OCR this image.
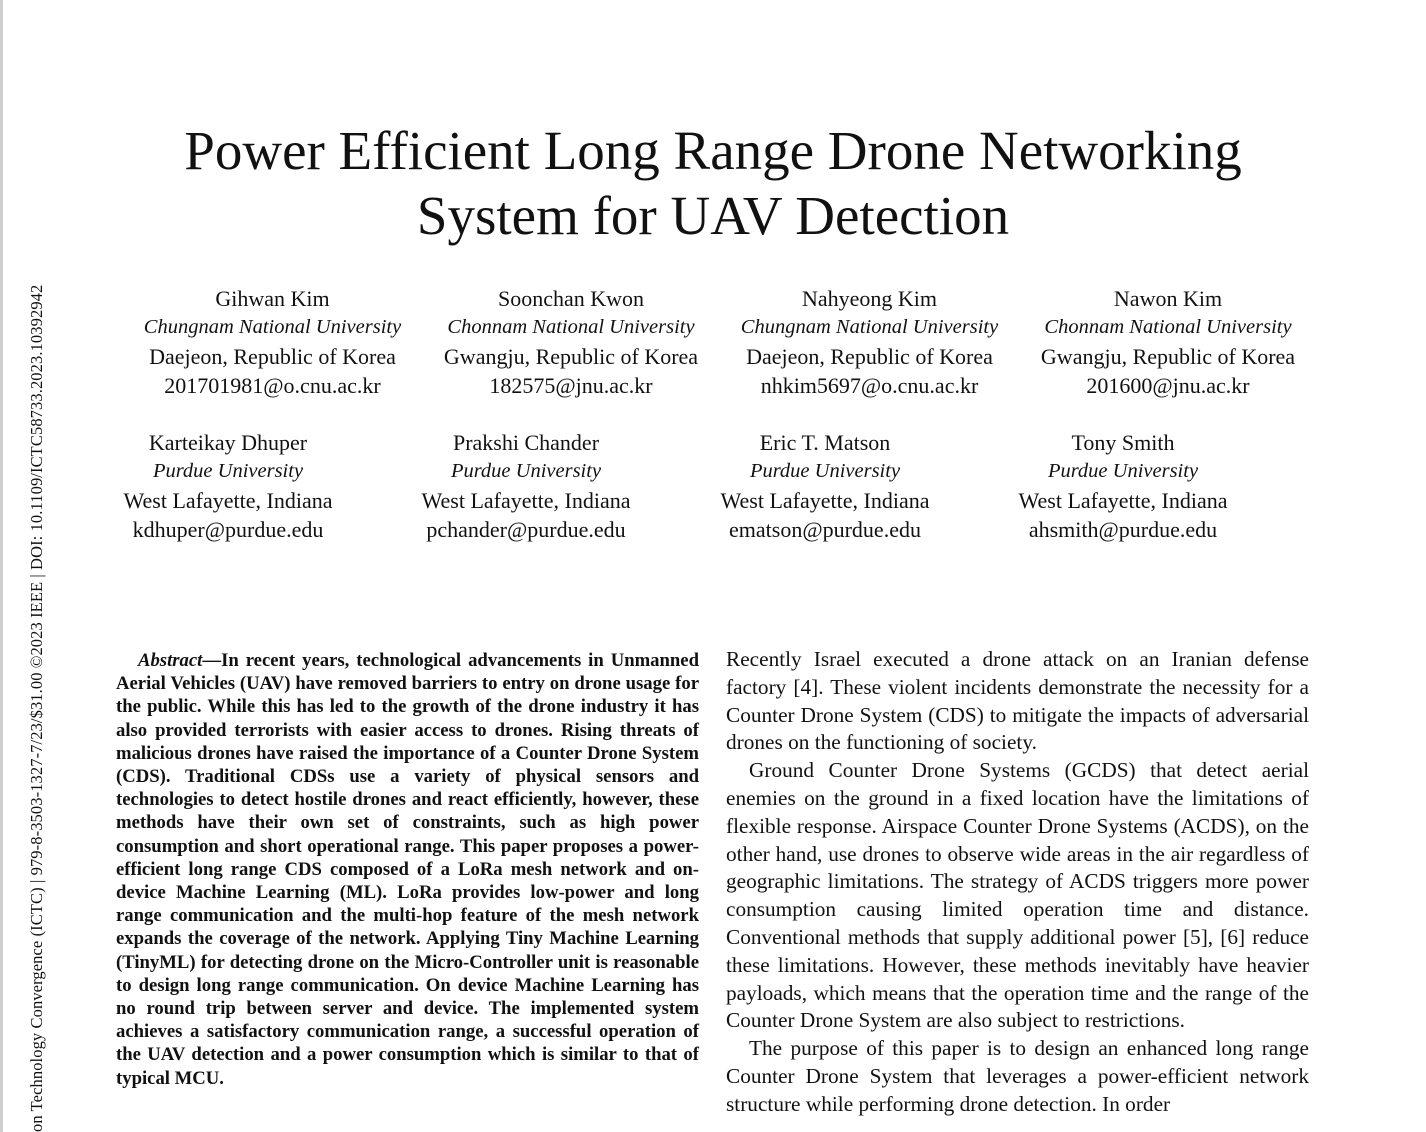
on Technology Convergence (ICTC) | 979-8-3503-1327-7/23/$31.00 ©2023 IEEE | DOI: 10.1109/ICTC58733.2023.10392942
Power Efficient Long Range Drone Networking
System for UAV Detection
Gihwan Kim
Chungnam National University
Daejeon, Republic of Korea
201701981@o.cnu.ac.kr
Soonchan Kwon
Chonnam National University
Gwangju, Republic of Korea
182575@jnu.ac.kr
Nahyeong Kim
Chungnam National University
Daejeon, Republic of Korea
nhkim5697@o.cnu.ac.kr
Nawon Kim
Chonnam National University
Gwangju, Republic of Korea
201600@jnu.ac.kr
Karteikay Dhuper
Purdue University
West Lafayette, Indiana
kdhuper@purdue.edu
Prakshi Chander
Purdue University
West Lafayette, Indiana
pchander@purdue.edu
Eric T. Matson
Purdue University
West Lafayette, Indiana
ematson@purdue.edu
Tony Smith
Purdue University
West Lafayette, Indiana
ahsmith@purdue.edu

Abstract—In recent years, technological advancements in Unmanned Aerial Vehicles (UAV) have removed barriers to entry on drone usage for the public. While this has led to the growth of the drone industry it has also provided terrorists with easier access to drones. Rising threats of malicious drones have raised the importance of a Counter Drone System (CDS). Traditional CDSs use a variety of physical sensors and technologies to detect hostile drones and react efficiently, however, these methods have their own set of constraints, such as high power consumption and short operational range. This paper proposes a power-efficient long range CDS composed of a LoRa mesh network and on-device Machine Learning (ML). LoRa provides low-power and long range communication and the multi-hop feature of the mesh network expands the coverage of the network. Applying Tiny Machine Learning (TinyML) for detecting drone on the Micro-Controller unit is reasonable to design long range communication. On device Machine Learning has no round trip between server and device. The implemented system achieves a satisfactory communication range, a successful operation of the UAV detection and a power consumption which is similar to that of typical MCU.

Recently Israel executed a drone attack on an Iranian defense factory [4]. These violent incidents demonstrate the necessity for a Counter Drone System (CDS) to mitigate the impacts of adversarial drones on the functioning of society.

Ground Counter Drone Systems (GCDS) that detect aerial enemies on the ground in a fixed location have the limitations of flexible response. Airspace Counter Drone Systems (ACDS), on the other hand, use drones to observe wide areas in the air regardless of geographic limitations. The strategy of ACDS triggers more power consumption causing limited operation time and distance. Conventional methods that supply additional power [5], [6] reduce these limitations. However, these methods inevitably have heavier payloads, which means that the operation time and the range of the Counter Drone System are also subject to restrictions.

The purpose of this paper is to design an enhanced long range Counter Drone System that leverages a power-efficient network structure while performing drone detection. In order
